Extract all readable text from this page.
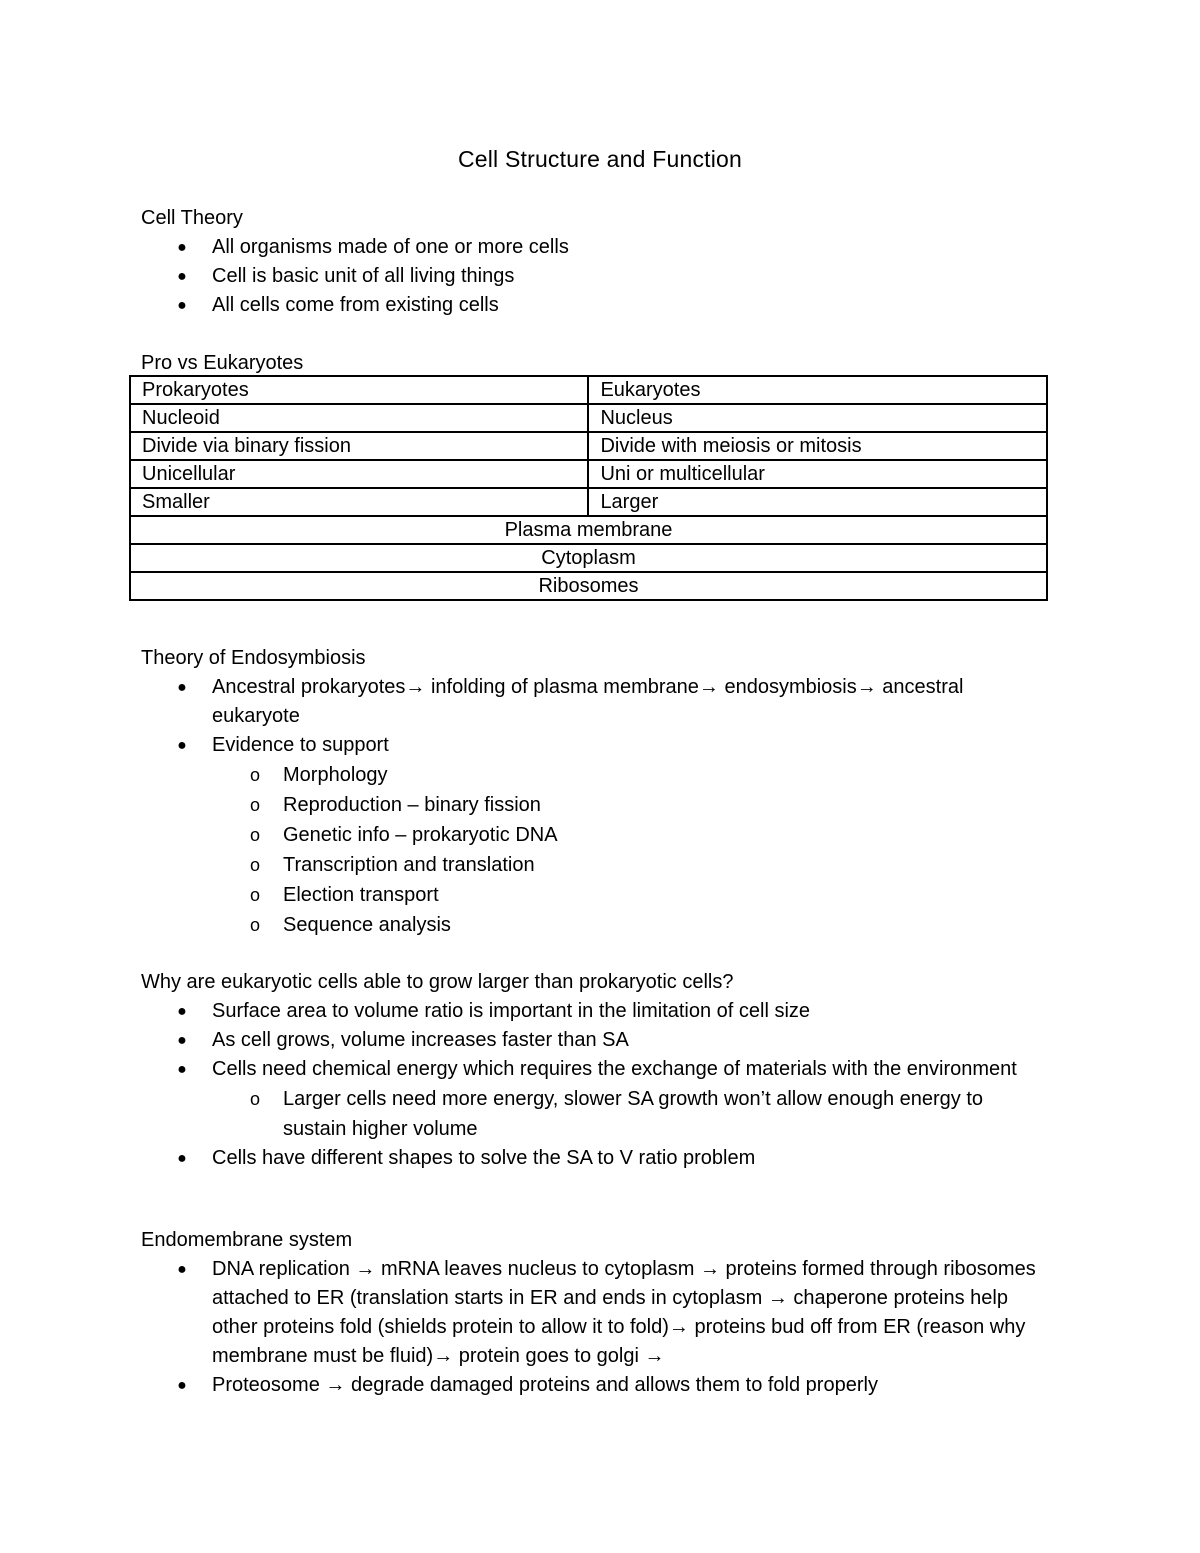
Cell Structure and Function
Cell Theory
● All organisms made of one or more cells
● Cell is basic unit of all living things
● All cells come from existing cells
Pro vs Eukaryotes
Prokaryotes	Eukaryotes
Nucleoid	Nucleus
Divide via binary fission	Divide with meiosis or mitosis
Unicellular	Uni or multicellular
Smaller	Larger
Plasma membrane	
Cytoplasm	
Ribosomes	
Theory of Endosymbiosis
● Ancestral prokaryotes→ infolding of plasma membrane→ endosymbiosis→ ancestral eukaryote
● Evidence to support
o Morphology
o Reproduction – binary fission
o Genetic info – prokaryotic DNA
o Transcription and translation
o Election transport
o Sequence analysis
Why are eukaryotic cells able to grow larger than prokaryotic cells?
● Surface area to volume ratio is important in the limitation of cell size
● As cell grows, volume increases faster than SA
● Cells need chemical energy which requires the exchange of materials with the environment
o Larger cells need more energy, slower SA growth won’t allow enough energy to sustain higher volume
● Cells have different shapes to solve the SA to V ratio problem
Endomembrane system
● DNA replication → mRNA leaves nucleus to cytoplasm → proteins formed through ribosomes attached to ER (translation starts in ER and ends in cytoplasm → chaperone proteins help other proteins fold (shields protein to allow it to fold)→ proteins bud off from ER (reason why membrane must be fluid)→ protein goes to golgi →
● Proteosome → degrade damaged proteins and allows them to fold properly
